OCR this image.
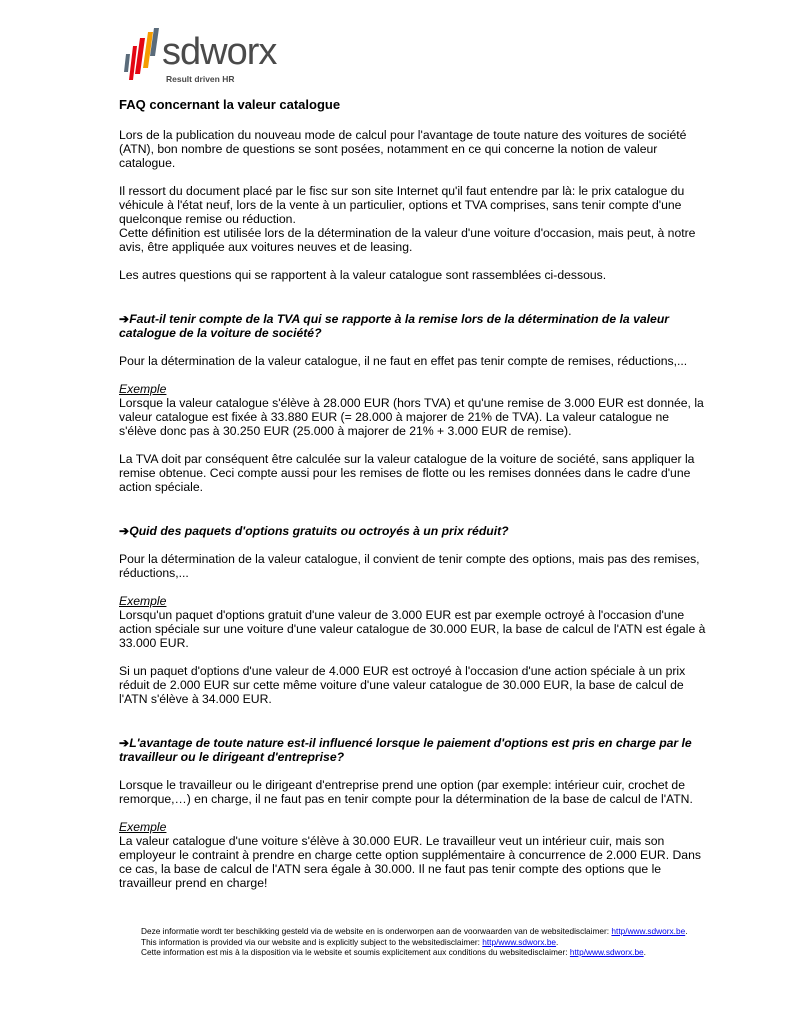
sdworx
Result driven HR
FAQ concernant la valeur catalogue

Lors de la publication du nouveau mode de calcul pour l'avantage de toute nature des voitures de société (ATN), bon nombre de questions se sont posées, notamment en ce qui concerne la notion de valeur catalogue.

Il ressort du document placé par le fisc sur son site Internet qu'il faut entendre par là: le prix catalogue du véhicule à l'état neuf, lors de la vente à un particulier, options et TVA comprises, sans tenir compte d'une quelconque remise ou réduction.

Cette définition est utilisée lors de la détermination de la valeur d'une voiture d'occasion, mais peut, à notre avis, être appliquée aux voitures neuves et de leasing.

Les autres questions qui se rapportent à la valeur catalogue sont rassemblées ci-dessous.

➔Faut-il tenir compte de la TVA qui se rapporte à la remise lors de la détermination de la valeur catalogue de la voiture de société?

Pour la détermination de la valeur catalogue, il ne faut en effet pas tenir compte de remises, réductions,...

Exemple
Lorsque la valeur catalogue s'élève à 28.000 EUR (hors TVA) et qu'une remise de 3.000 EUR est donnée, la valeur catalogue est fixée à 33.880 EUR (= 28.000 à majorer de 21% de TVA). La valeur catalogue ne s'élève donc pas à 30.250 EUR (25.000 à majorer de 21% + 3.000 EUR de remise).

La TVA doit par conséquent être calculée sur la valeur catalogue de la voiture de société, sans appliquer la remise obtenue. Ceci compte aussi pour les remises de flotte ou les remises données dans le cadre d'une action spéciale.

➔Quid des paquets d'options gratuits ou octroyés à un prix réduit?

Pour la détermination de la valeur catalogue, il convient de tenir compte des options, mais pas des remises, réductions,...

Exemple
Lorsqu'un paquet d'options gratuit d'une valeur de 3.000 EUR est par exemple octroyé à l'occasion d'une action spéciale sur une voiture d'une valeur catalogue de 30.000 EUR, la base de calcul de l'ATN est égale à 33.000 EUR.

Si un paquet d'options d'une valeur de 4.000 EUR est octroyé à l'occasion d'une action spéciale à un prix réduit de 2.000 EUR sur cette même voiture d'une valeur catalogue de 30.000 EUR, la base de calcul de l'ATN s'élève à 34.000 EUR.

➔L'avantage de toute nature est-il influencé lorsque le paiement d'options est pris en charge par le travailleur ou le dirigeant d'entreprise?

Lorsque le travailleur ou le dirigeant d'entreprise prend une option (par exemple: intérieur cuir, crochet de remorque,…) en charge, il ne faut pas en tenir compte pour la détermination de la base de calcul de l'ATN.

Exemple
La valeur catalogue d'une voiture s'élève à 30.000 EUR. Le travailleur veut un intérieur cuir, mais son employeur le contraint à prendre en charge cette option supplémentaire à concurrence de 2.000 EUR. Dans ce cas, la base de calcul de l'ATN sera égale à 30.000. Il ne faut pas tenir compte des options que le travailleur prend en charge!

Deze informatie wordt ter beschikking gesteld via de website en is onderworpen aan de voorwaarden van de websitedisclaimer: http/www.sdworx.be.

This information is provided via our website and is explicitly subject to the websitedisclaimer: http/www.sdworx.be.

Cette information est mis à la disposition via le website et soumis explicitement aux conditions du websitedisclaimer: http/www.sdworx.be.
